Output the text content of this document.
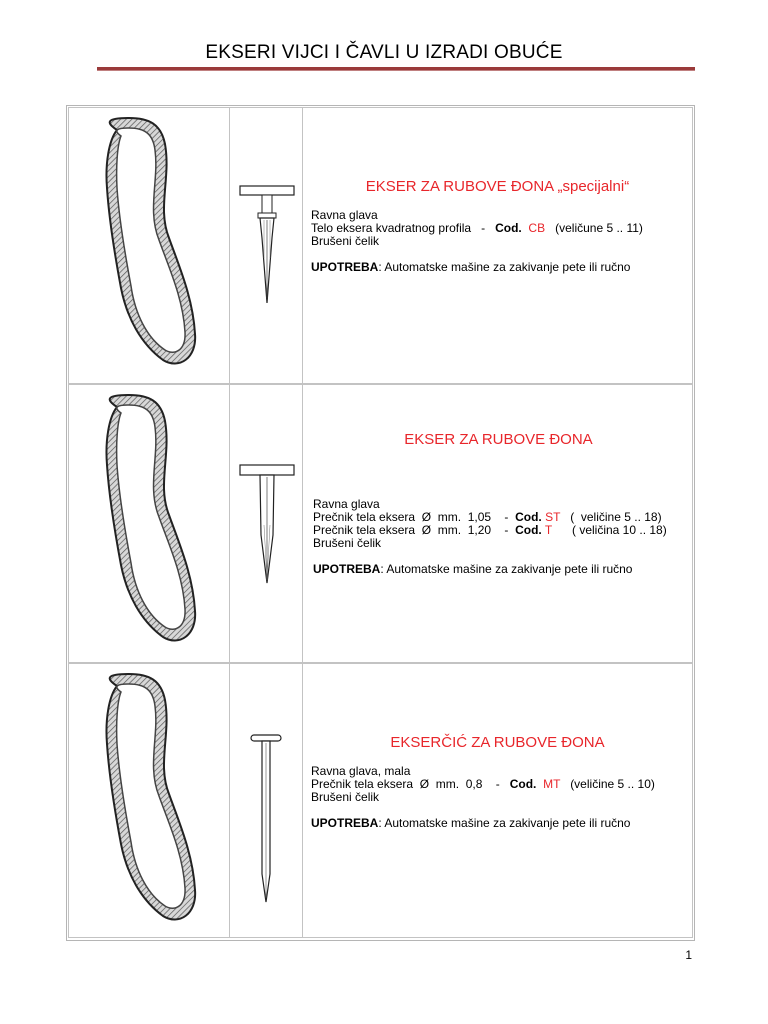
EKSERI VIJCI I ČAVLI U IZRADI OBUĆE
EKSER ZA RUBOVE ĐONA „specijalni“

Ravna glava

Telo eksera kvadratnog profila   -   Cod.  CB   (veličune 5 .. 11)

Brušeni čelik

UPOTREBA: Automatske mašine za zakivanje pete ili ručno

EKSER ZA RUBOVE ĐONA

Ravna glava

Prečnik tela eksera  Ø  mm.  1,05    -  Cod. ST   (  veličine 5 .. 18)

Prečnik tela eksera  Ø  mm.  1,20    -  Cod. T      ( veličina 10 .. 18)

Brušeni čelik

UPOTREBA: Automatske mašine za zakivanje pete ili ručno

EKSERČIĆ ZA RUBOVE ĐONA

Ravna glava, mala

Prečnik tela eksera  Ø  mm.  0,8    -   Cod.  MT   (veličine 5 .. 10)

Brušeni čelik

UPOTREBA: Automatske mašine za zakivanje pete ili ručno

1
